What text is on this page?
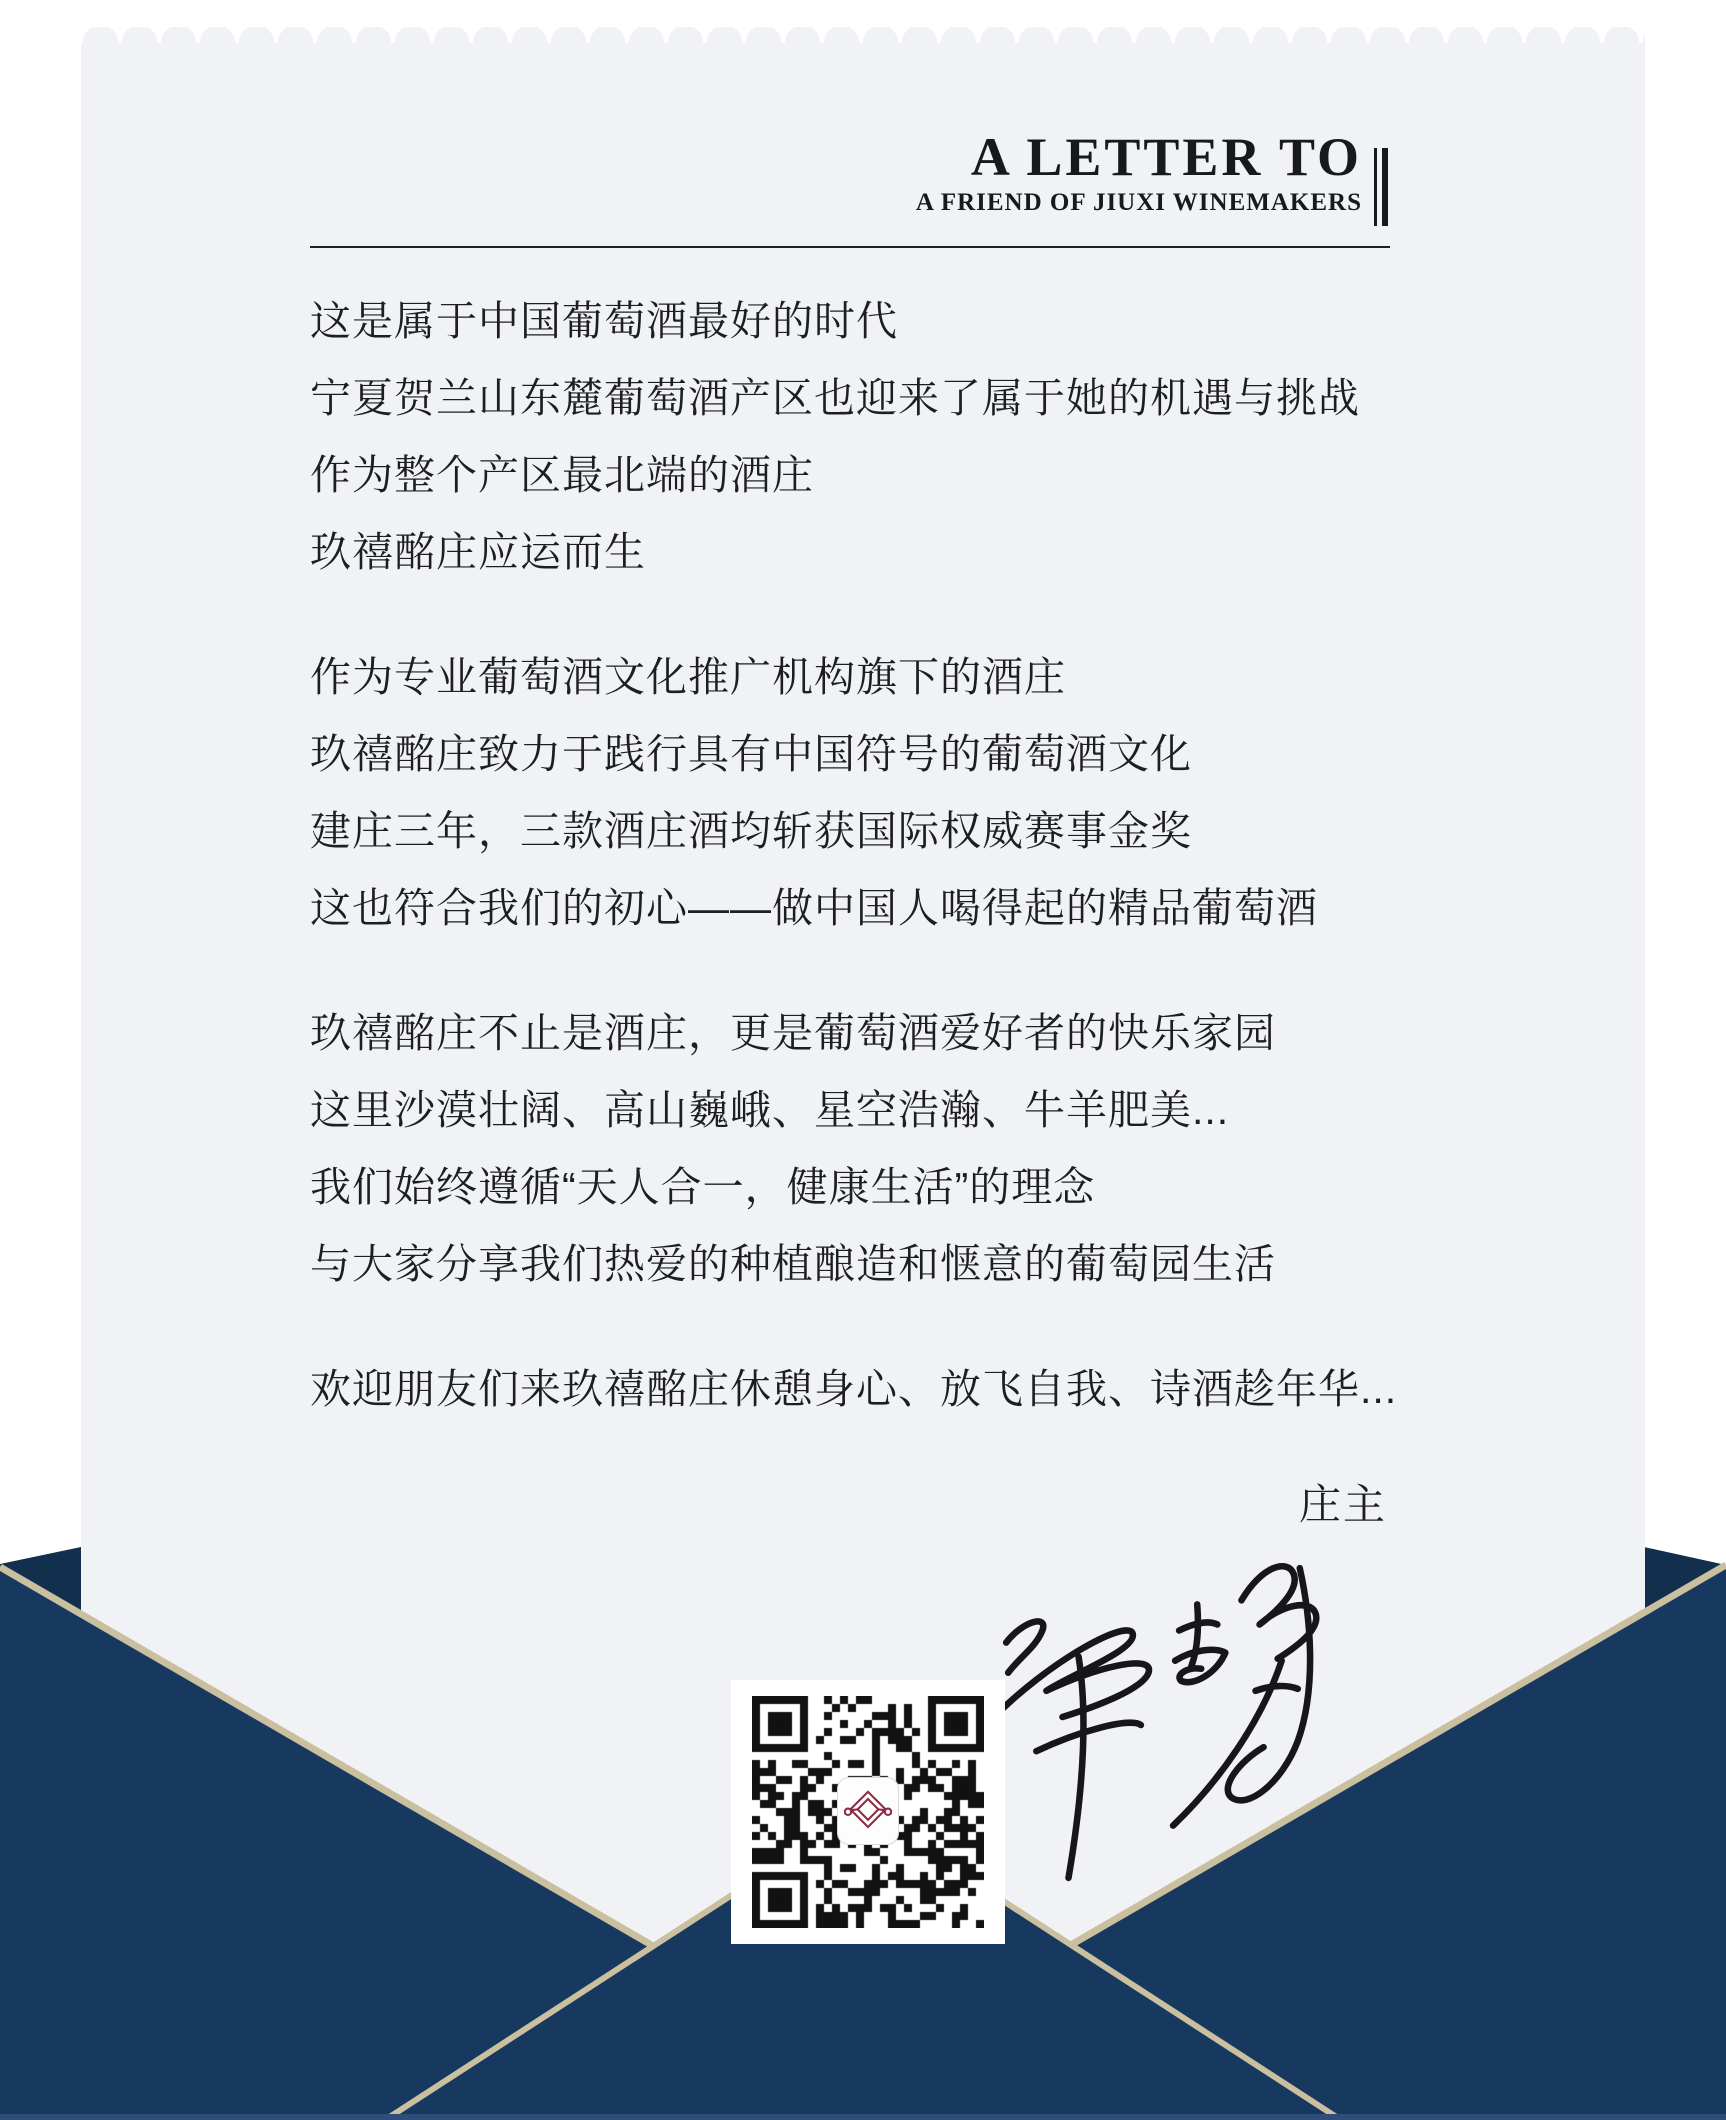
A LETTER TO
A FRIEND OF JIUXI WINEMAKERS

这是属于中国葡萄酒最好的时代
宁夏贺兰山东麓葡萄酒产区也迎来了属于她的机遇与挑战
作为整个产区最北端的酒庄
玖禧酩庄应运而生

作为专业葡萄酒文化推广机构旗下的酒庄
玖禧酩庄致力于践行具有中国符号的葡萄酒文化
建庄三年，三款酒庄酒均斩获国际权威赛事金奖
这也符合我们的初心——做中国人喝得起的精品葡萄酒

玖禧酩庄不止是酒庄，更是葡萄酒爱好者的快乐家园
这里沙漠壮阔、高山巍峨、星空浩瀚、牛羊肥美...
我们始终遵循“天人合一，健康生活”的理念
与大家分享我们热爱的种植酿造和惬意的葡萄园生活

欢迎朋友们来玖禧酩庄休憩身心、放飞自我、诗酒趁年华...

庄主
